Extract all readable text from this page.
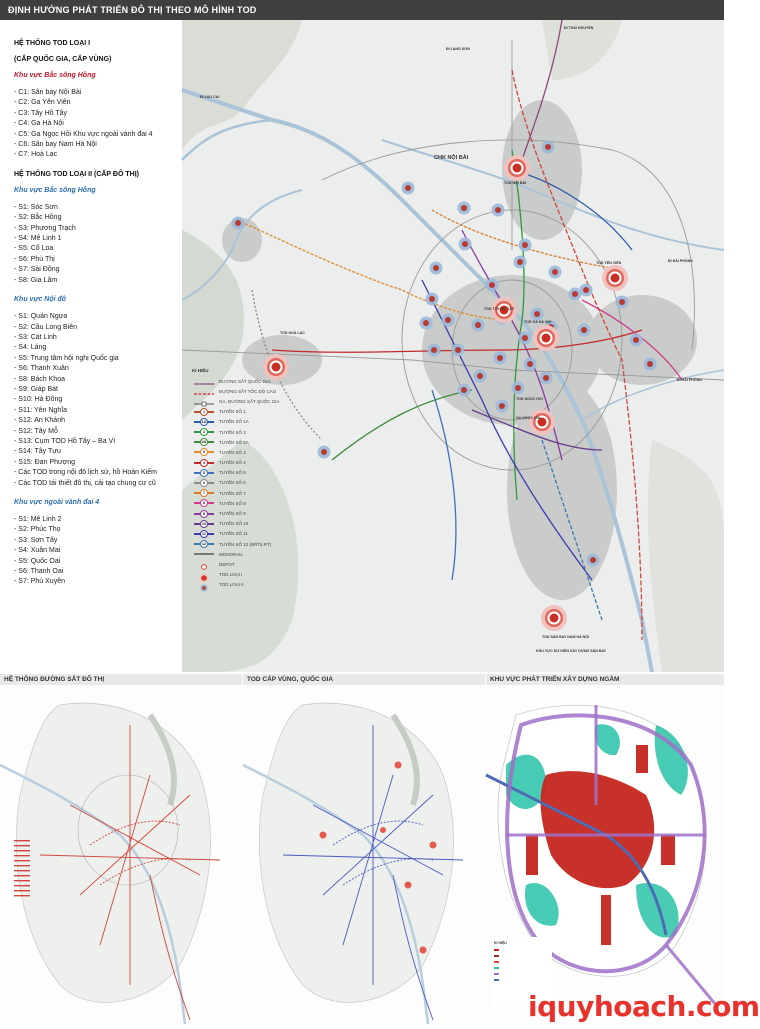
ĐỊNH HƯỚNG PHÁT TRIỂN ĐÔ THỊ THEO MÔ HÌNH TOD
HỆ THỐNG TOD LOẠI I
(CẤP QUỐC GIA, CẤP VÙNG)
Khu vực Bắc sông Hồng
- C1: Sân bay Nội Bài
- C2: Ga Yên Viên
- C3: Tây Hồ Tây
- C4: Ga Hà Nội
- C5: Ga Ngọc Hồi Khu vực ngoài vành đai 4
- C6: Sân bay Nam Hà Nội
- C7: Hoà Lạc
HỆ THỐNG TOD LOẠI II (CẤP ĐÔ THỊ)
Khu vực Bắc sông Hồng
- S1: Sóc Sơn
- S2: Bắc Hồng
- S3: Phương Trạch
- S4: Mê Linh 1
- S5: Cổ Loa
- S6: Phù Thị
- S7: Sài Đồng
- S8: Gia Lâm
Khu vực Nội đô
- S1: Quán Ngựa
- S2: Cầu Long Biên
- S3: Cát Linh
- S4: Láng
- S5: Trung tâm hội nghị Quốc gia
- S6: Thanh Xuân
- S8: Bách Khoa
- S9: Giáp Bát
- S10: Hà Đông
- S11: Yên Nghĩa
- S12: An Khánh
- S12: Tây Mỗ
- S13: Cụm TOD Hồ Tây – Ba Vì
- S14: Tây Tựu
- S15: Đan Phượng
- Các TOD trong nội đô lịch sử, hồ Hoàn Kiếm
- Các TOD tái thiết đô thị, cải tạo chung cư cũ
Khu vực ngoài vành đai 4
- S1: Mê Linh 2
- S2: Phúc Thọ
- S3: Sơn Tây
- S4: Xuân Mai
- S5: Quốc Oai
- S6: Thanh Oai
- S7: Phú Xuyên
ĐI THÁI NGUYÊN
ĐI LẠNG SƠN
ĐI LÀO CAI
ĐI HẢI PHÒNG
ĐI HẢI PHÒNG
CHK NỘI BÀI
TOD NỘI BÀI
TOD HOÀ LẠC
TOD GA HÀ NỘI
TOD TÂY HỒ TÂY
TOD YÊN VIÊN
TOD NGỌC HỒI
GA NGỌC HỒI
TOD SÂN BAY NAM HÀ NỘI
KHU VỰC DỰ KIẾN XÂY DỰNG SÂN BAY
KÍ HIỆU
ĐƯỜNG SẮT QUỐC GIA
ĐƯỜNG SẮT TỐC ĐỘ CAO
GA, ĐƯỜNG SẮT QUỐC GIA
1	TUYẾN SỐ 1
1A	TUYẾN SỐ 1A
2	TUYẾN SỐ 2
2A	TUYẾN SỐ 2A
3	TUYẾN SỐ 3
4	TUYẾN SỐ 4
5	TUYẾN SỐ 5
6	TUYẾN SỐ 6
7	TUYẾN SỐ 7
8	TUYẾN SỐ 8
9	TUYẾN SỐ 9
10	TUYẾN SỐ 10
11	TUYẾN SỐ 11
12	TUYẾN SỐ 12 (BRT/LRT)
MONORAIL
DEPOT
TOD LOẠI I
TOD LOẠI II
HỆ THỐNG ĐƯỜNG SẮT ĐÔ THỊ	TOD CẤP VÙNG, QUỐC GIA	KHU VỰC PHÁT TRIỂN XÂY DỰNG NGẦM
KÍ HIỆU
iquyhoach.com
